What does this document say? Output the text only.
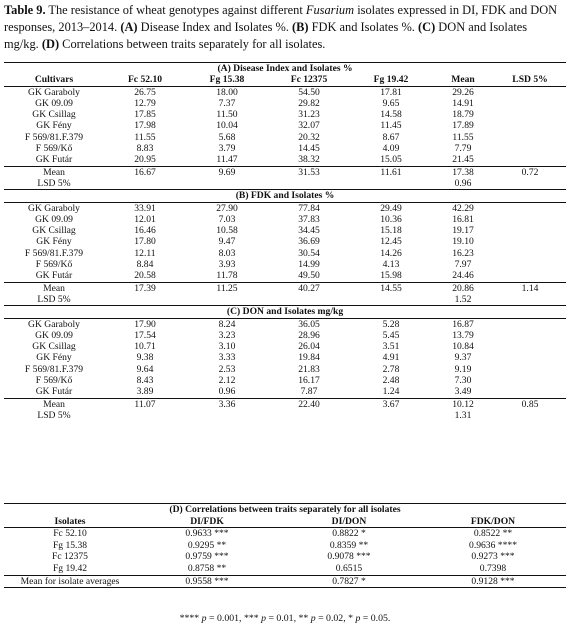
Table 9. The resistance of wheat genotypes against different Fusarium isolates expressed in DI, FDK and DON responses, 2013–2014. (A) Disease Index and Isolates %. (B) FDK and Isolates %. (C) DON and Isolates mg/kg. (D) Correlations between traits separately for all isolates.
(A) Disease Index and Isolates %						
Cultivars	Fc 52.10	Fg 15.38	Fc 12375	Fg 19.42	Mean	LSD 5%
GK Garaboly	26.75	18.00	54.50	17.81	29.26	
GK 09.09	12.79	7.37	29.82	9.65	14.91	
GK Csillag	17.85	11.50	31.23	14.58	18.79	
GK Fény	17.98	10.04	32.07	11.45	17.89	
F 569/81.F.379	11.55	5.68	20.32	8.67	11.55	
F 569/Kő	8.83	3.79	14.45	4.09	7.79	
GK Futár	20.95	11.47	38.32	15.05	21.45	
Mean	16.67	9.69	31.53	11.61	17.38	0.72
LSD 5%					0.96	
(B) FDK and Isolates %						
GK Garaboly	33.91	27.90	77.84	29.49	42.29	
GK 09.09	12.01	7.03	37.83	10.36	16.81	
GK Csillag	16.46	10.58	34.45	15.18	19.17	
GK Fény	17.80	9.47	36.69	12.45	19.10	
F 569/81.F.379	12.11	8.03	30.54	14.26	16.23	
F 569/Kő	8.84	3.93	14.99	4.13	7.97	
GK Futár	20.58	11.78	49.50	15.98	24.46	
Mean	17.39	11.25	40.27	14.55	20.86	1.14
LSD 5%					1.52	
(C) DON and Isolates mg/kg						
GK Garaboly	17.90	8.24	36.05	5.28	16.87	
GK 09.09	17.54	3.23	28.96	5.45	13.79	
GK Csillag	10.71	3.10	26.04	3.51	10.84	
GK Fény	9.38	3.33	19.84	4.91	9.37	
F 569/81.F.379	9.64	2.53	21.83	2.78	9.19	
F 569/Kő	8.43	2.12	16.17	2.48	7.30	
GK Futár	3.89	0.96	7.87	1.24	3.49	
Mean	11.07	3.36	22.40	3.67	10.12	0.85
LSD 5%					1.31	
(D) Correlations between traits separately for all isolates			
Isolates	DI/FDK	DI/DON	FDK/DON
Fc 52.10	0.9633 ***	0.8822 *	0.8522 **
Fg 15.38	0.9295 **	0.8359 **	0.9636 ****
Fc 12375	0.9759 ***	0.9078 ***	0.9273 ***
Fg 19.42	0.8758 **	0.6515	0.7398
Mean for isolate averages	0.9558 ***	0.7827 *	0.9128 ***
**** p = 0.001, *** p = 0.01, ** p = 0.02, * p = 0.05.
